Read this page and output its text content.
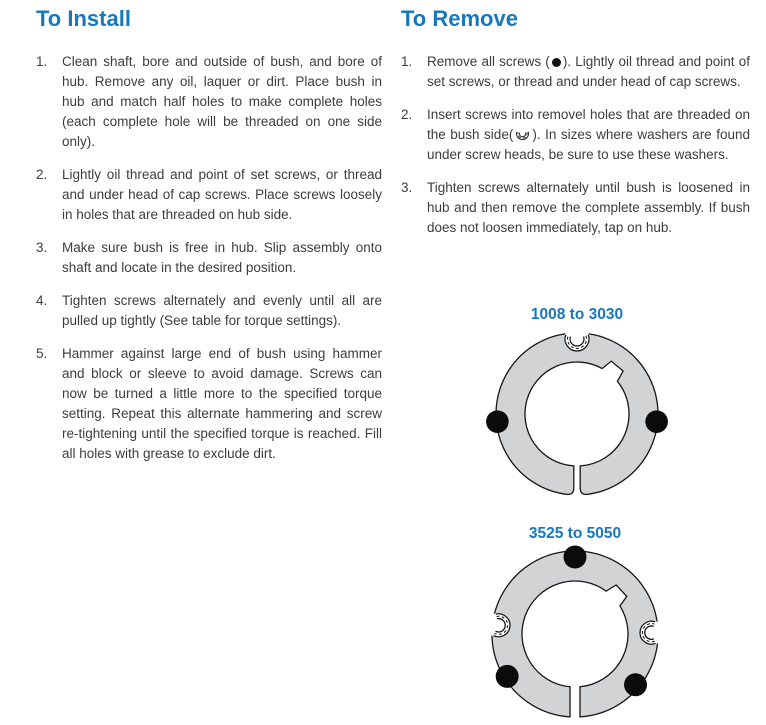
To Install
1.	Clean shaft, bore and outside of bush, and bore of hub. Remove any oil, laquer or dirt. Place bush in hub and match half holes to make complete holes (each complete hole will be threaded on one side only).
2.	Lightly oil thread and point of set screws, or thread and under head of cap screws. Place screws loosely in holes that are threaded on hub side.
3.	Make sure bush is free in hub. Slip assembly onto shaft and locate in the desired position.
4.	Tighten screws alternately and evenly until all are pulled up tightly (See table for torque settings).
5.	Hammer against large end of bush using hammer and block or sleeve to avoid damage. Screws can now be turned a little more to the specified torque setting. Repeat this alternate hammering and screw re-tightening until the specified torque is reached. Fill all holes with grease to exclude dirt.
To Remove
1.	Remove all screws ( ). Lightly oil thread and point of set screws, or thread and under head of cap screws.
2.	Insert screws into removel holes that are threaded on the bush side( ). In sizes where washers are found under screw heads, be sure to use these washers.
3.	Tighten screws alternately until bush is loosened in hub and then remove the complete assembly. If bush does not loosen immediately, tap on hub.
1008 to 3030
3525 to 5050
